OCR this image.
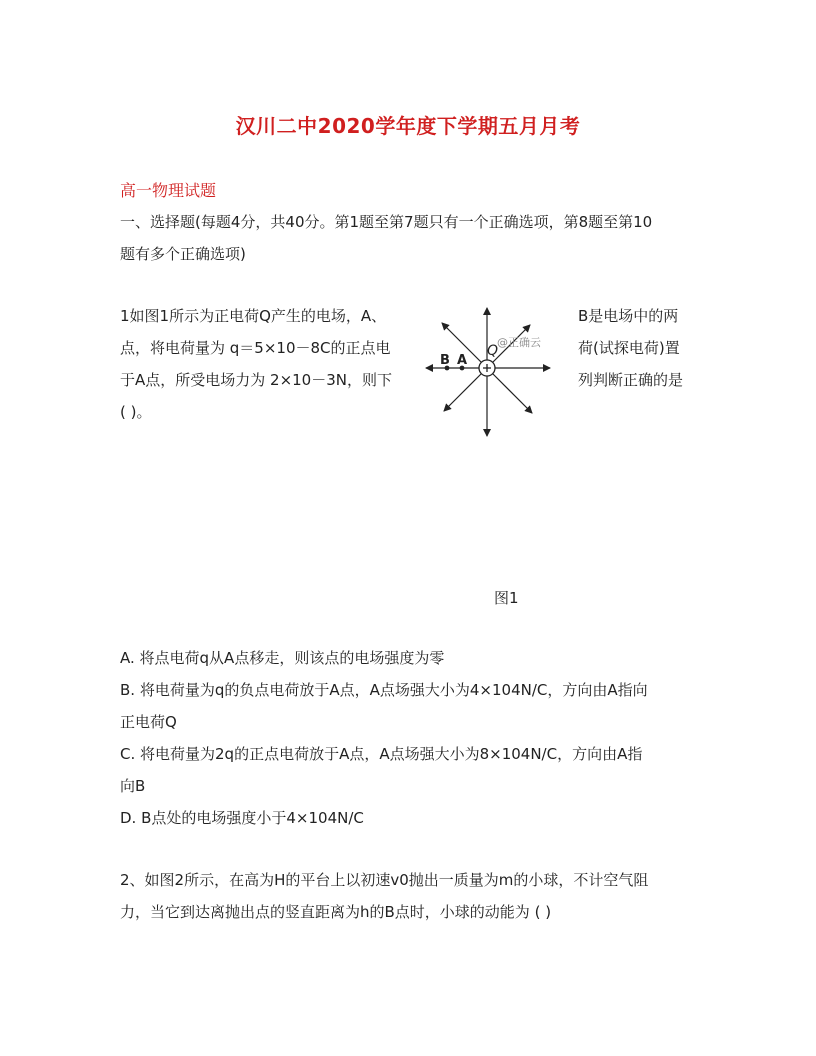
汉川二中2020学年度下学期五月月考
高一物理试题
一、选择题(每题4分，共40分。第1题至第7题只有一个正确选项，第8题至第10
题有多个正确选项)
1如图1所示为正电荷Q产生的电场，A、
点，将电荷量为 q＝5×10－8C的正点电
于A点，所受电场力为 2×10－3N，则下
( )。
B是电场中的两
荷(试探电荷)置
列判断正确的是
B A
Q
@正确云
图1
A. 将点电荷q从A点移走，则该点的电场强度为零
B. 将电荷量为q的负点电荷放于A点，A点场强大小为4×104N/C，方向由A指向
正电荷Q
C. 将电荷量为2q的正点电荷放于A点，A点场强大小为8×104N/C，方向由A指
向B
D. B点处的电场强度小于4×104N/C
2、如图2所示，在高为H的平台上以初速v0抛出一质量为m的小球，不计空气阻
力，当它到达离抛出点的竖直距离为h的B点时，小球的动能为 ( )
